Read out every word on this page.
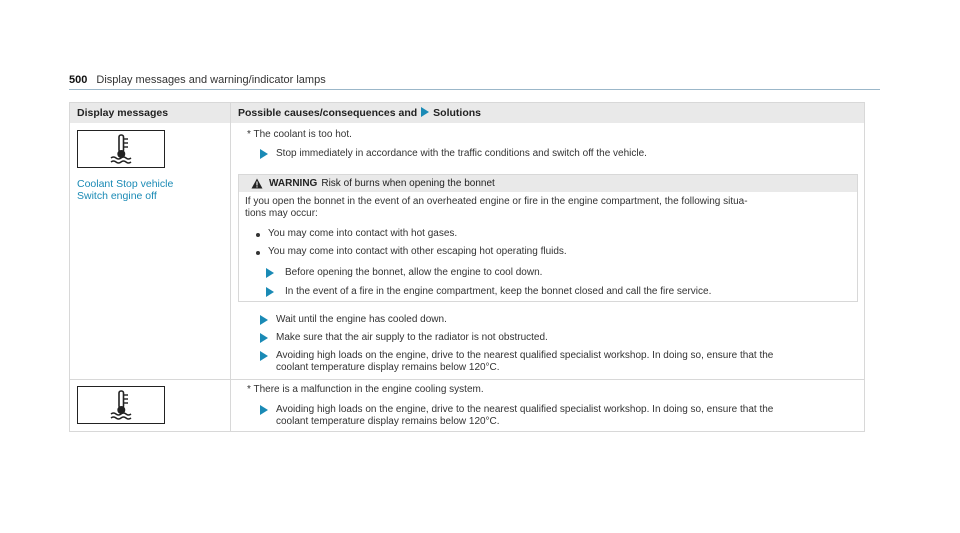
500 Display messages and warning/indicator lamps
Display messages	Possible causes/consequences and Solutions
Coolant Stop vehicle
Switch engine off
* The coolant is too hot.
Stop immediately in accordance with the traffic conditions and switch off the vehicle.
WARNING Risk of burns when opening the bonnet
If you open the bonnet in the event of an overheated engine or fire in the engine compartment, the following situa-
tions may occur:
You may come into contact with hot gases.
You may come into contact with other escaping hot operating fluids.
Before opening the bonnet, allow the engine to cool down.
In the event of a fire in the engine compartment, keep the bonnet closed and call the fire service.
Wait until the engine has cooled down.
Make sure that the air supply to the radiator is not obstructed.
Avoiding high loads on the engine, drive to the nearest qualified specialist workshop. In doing so, ensure that the
coolant temperature display remains below 120°C.
* There is a malfunction in the engine cooling system.
Avoiding high loads on the engine, drive to the nearest qualified specialist workshop. In doing so, ensure that the
coolant temperature display remains below 120°C.
